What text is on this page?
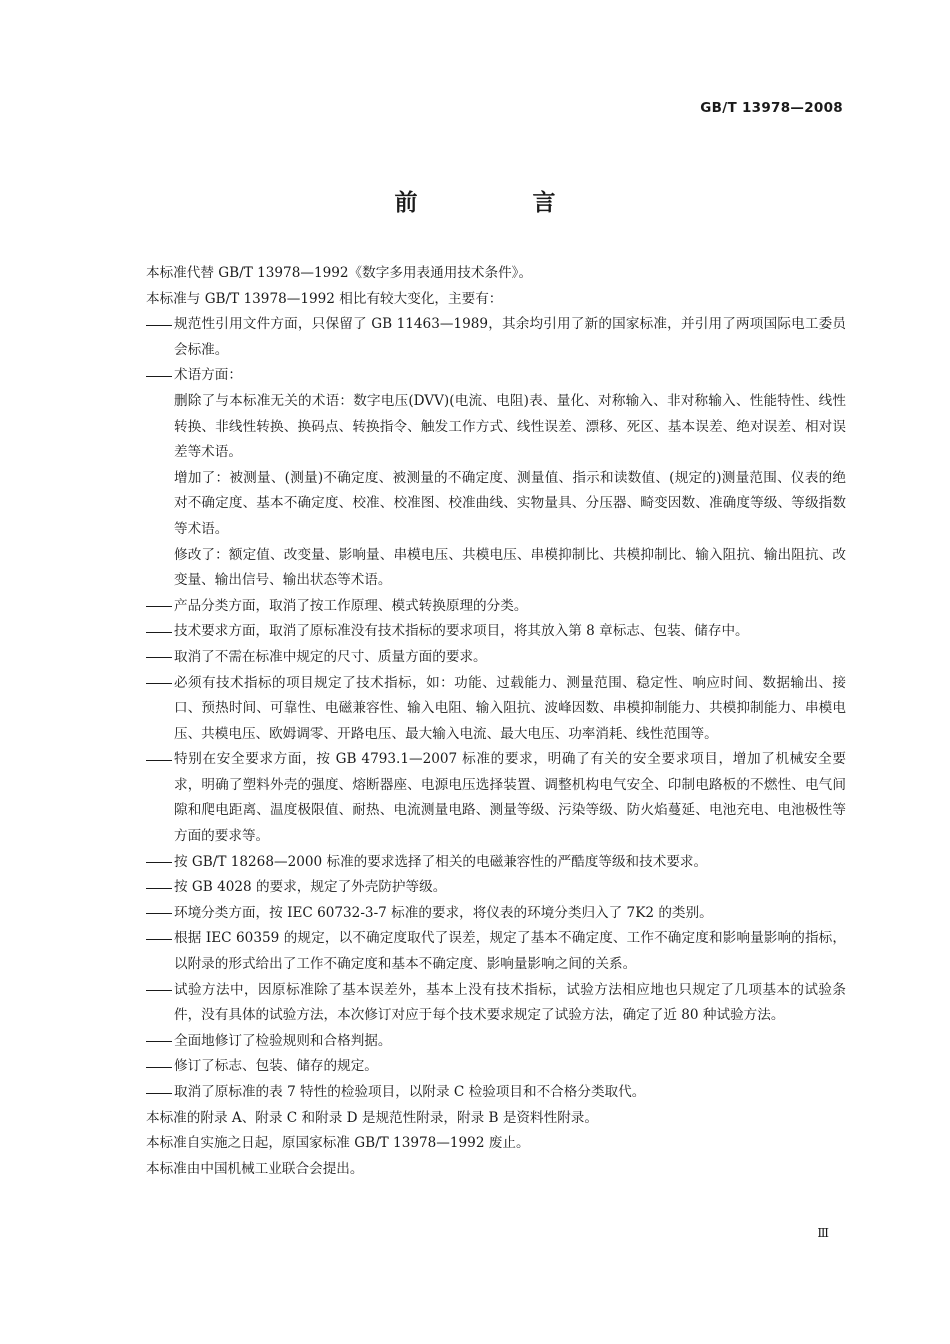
GB/T 13978—2008
前　言

本标准代替 GB/T 13978—1992《数字多用表通用技术条件》。

本标准与 GB/T 13978—1992 相比有较大变化，主要有：

规范性引用文件方面，只保留了 GB 11463—1989，其余均引用了新的国家标准，并引用了两项国际电工委员会标准。
术语方面：
删除了与本标准无关的术语：数字电压(DVV)(电流、电阻)表、量化、对称输入、非对称输入、性能特性、线性转换、非线性转换、换码点、转换指令、触发工作方式、线性误差、漂移、死区、基本误差、绝对误差、相对误差等术语。
增加了：被测量、(测量)不确定度、被测量的不确定度、测量值、指示和读数值、(规定的)测量范围、仪表的绝对不确定度、基本不确定度、校准、校准图、校准曲线、实物量具、分压器、畸变因数、准确度等级、等级指数等术语。
修改了：额定值、改变量、影响量、串模电压、共模电压、串模抑制比、共模抑制比、输入阻抗、输出阻抗、改变量、输出信号、输出状态等术语。
产品分类方面，取消了按工作原理、模式转换原理的分类。
技术要求方面，取消了原标准没有技术指标的要求项目，将其放入第 8 章标志、包装、储存中。
取消了不需在标准中规定的尺寸、质量方面的要求。
必须有技术指标的项目规定了技术指标，如：功能、过载能力、测量范围、稳定性、响应时间、数据输出、接口、预热时间、可靠性、电磁兼容性、输入电阻、输入阻抗、波峰因数、串模抑制能力、共模抑制能力、串模电压、共模电压、欧姆调零、开路电压、最大输入电流、最大电压、功率消耗、线性范围等。
特别在安全要求方面，按 GB 4793.1—2007 标准的要求，明确了有关的安全要求项目，增加了机械安全要求，明确了塑料外壳的强度、熔断器座、电源电压选择装置、调整机构电气安全、印制电路板的不燃性、电气间隙和爬电距离、温度极限值、耐热、电流测量电路、测量等级、污染等级、防火焰蔓延、电池充电、电池极性等方面的要求等。
按 GB/T 18268—2000 标准的要求选择了相关的电磁兼容性的严酷度等级和技术要求。
按 GB 4028 的要求，规定了外壳防护等级。
环境分类方面，按 IEC 60732-3-7 标准的要求，将仪表的环境分类归入了 7K2 的类别。
根据 IEC 60359 的规定，以不确定度取代了误差，规定了基本不确定度、工作不确定度和影响量影响的指标，以附录的形式给出了工作不确定度和基本不确定度、影响量影响之间的关系。
试验方法中，因原标准除了基本误差外，基本上没有技术指标，试验方法相应地也只规定了几项基本的试验条件，没有具体的试验方法，本次修订对应于每个技术要求规定了试验方法，确定了近 80 种试验方法。
全面地修订了检验规则和合格判据。
修订了标志、包装、储存的规定。
取消了原标准的表 7 特性的检验项目，以附录 C 检验项目和不合格分类取代。

本标准的附录 A、附录 C 和附录 D 是规范性附录，附录 B 是资料性附录。

本标准自实施之日起，原国家标准 GB/T 13978—1992 废止。

本标准由中国机械工业联合会提出。

Ⅲ
